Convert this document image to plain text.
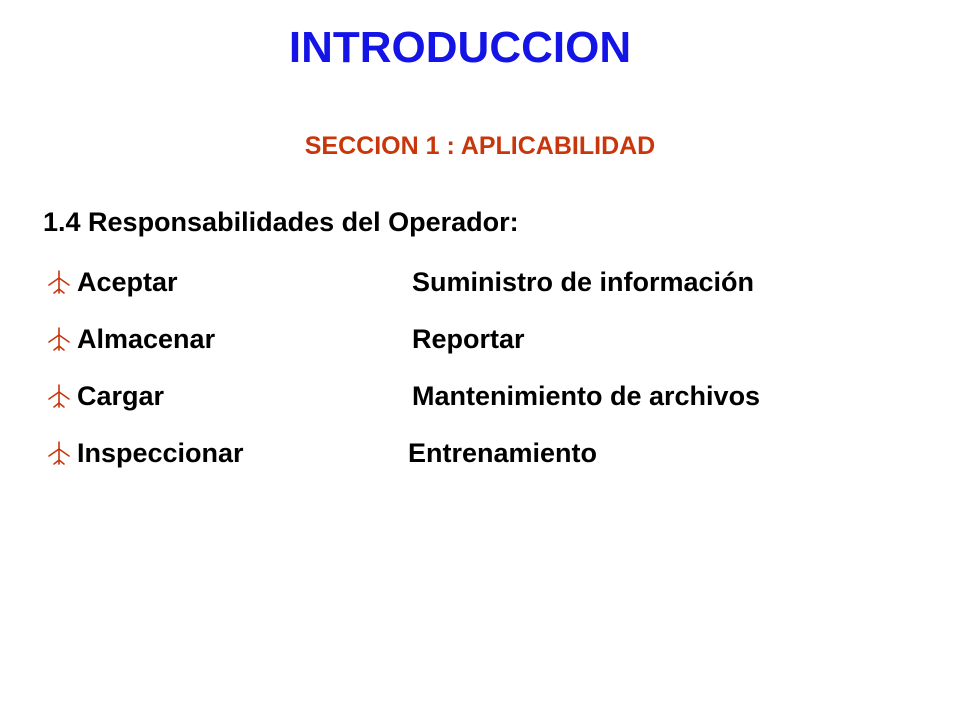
INTRODUCCION
SECCION 1 : APLICABILIDAD
1.4 Responsabilidades del Operador:
Aceptar	Suministro de información
Almacenar	Reportar
Cargar	Mantenimiento de archivos
Inspeccionar	Entrenamiento
